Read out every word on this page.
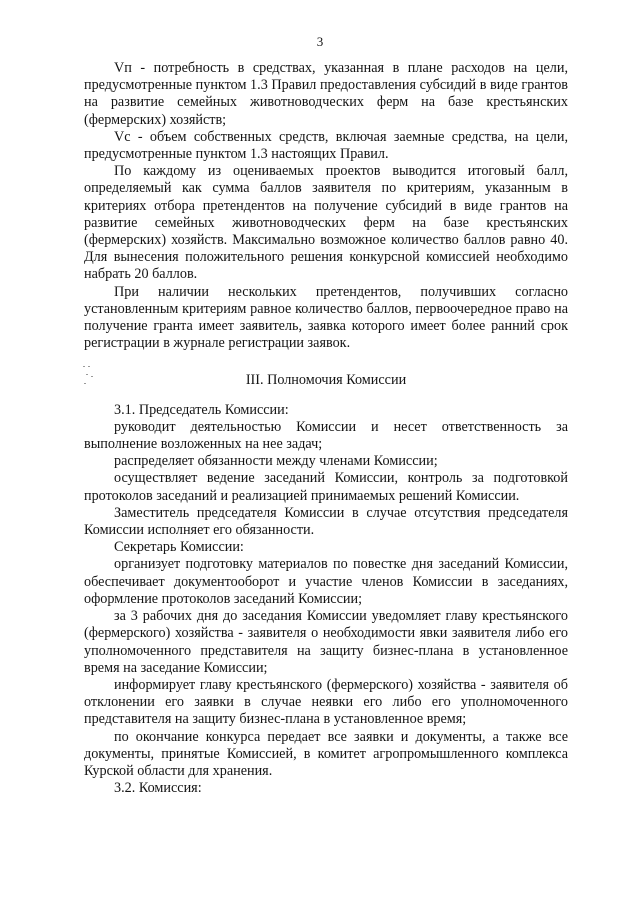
3

Vп - потребность в средствах, указанная в плане расходов на цели, предусмотренные пунктом 1.3 Правил предоставления субсидий в виде грантов на развитие семейных животноводческих ферм на базе крестьянских (фермерских) хозяйств;

Vс - объем собственных средств, включая заемные средства, на цели, предусмотренные пунктом 1.3 настоящих Правил.

По каждому из оцениваемых проектов выводится итоговый балл, определяемый как сумма баллов заявителя по критериям, указанным в критериях отбора претендентов на получение субсидий в виде грантов на развитие семейных животноводческих ферм на базе крестьянских (фермерских) хозяйств. Максимально возможное количество баллов равно 40. Для вынесения положительного решения конкурсной комиссией необходимо набрать 20 баллов.

При наличии нескольких претендентов, получивших согласно установленным критериям равное количество баллов, первоочередное право на получение гранта имеет заявитель, заявка которого имеет более ранний срок регистрации в журнале регистрации заявок.

III. Полномочия Комиссии

3.1. Председатель Комиссии:

руководит деятельностью Комиссии и несет ответственность за выполнение возложенных на нее задач;

распределяет обязанности между членами Комиссии;

осуществляет ведение заседаний Комиссии, контроль за подготовкой протоколов заседаний и реализацией принимаемых решений Комиссии.

Заместитель председателя Комиссии в случае отсутствия председателя Комиссии исполняет его обязанности.

Секретарь Комиссии:

организует подготовку материалов по повестке дня заседаний Комиссии, обеспечивает документооборот и участие членов Комиссии в заседаниях, оформление протоколов заседаний Комиссии;

за 3 рабочих дня до заседания Комиссии уведомляет главу крестьянского (фермерского) хозяйства - заявителя о необходимости явки заявителя либо его уполномоченного представителя на защиту бизнес-плана в установленное время на заседание Комиссии;

информирует главу крестьянского (фермерского) хозяйства - заявителя об отклонении его заявки в случае неявки его либо его уполномоченного представителя на защиту бизнес-плана в установленное время;

по окончание конкурса передает все заявки и документы, а также все документы, принятые Комиссией, в комитет агропромышленного комплекса Курской области для хранения.

3.2. Комиссия:
